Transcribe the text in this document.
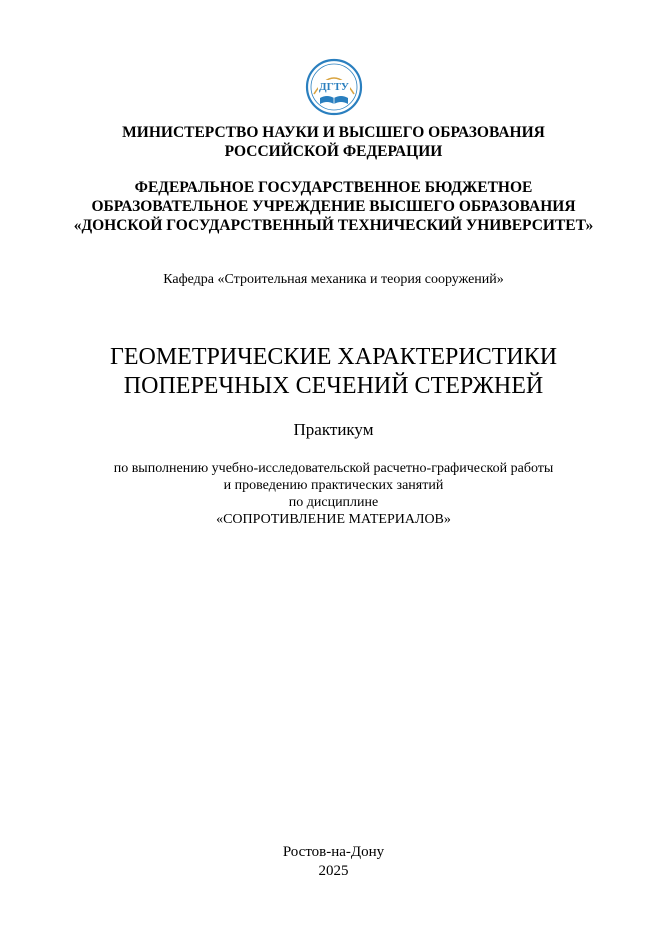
ДГТУ
МИНИСТЕРСТВО НАУКИ И ВЫСШЕГО ОБРАЗОВАНИЯ
РОССИЙСКОЙ ФЕДЕРАЦИИ
ФЕДЕРАЛЬНОЕ ГОСУДАРСТВЕННОЕ БЮДЖЕТНОЕ
ОБРАЗОВАТЕЛЬНОЕ УЧРЕЖДЕНИЕ ВЫСШЕГО ОБРАЗОВАНИЯ
«ДОНСКОЙ ГОСУДАРСТВЕННЫЙ ТЕХНИЧЕСКИЙ УНИВЕРСИТЕТ»
Кафедра «Строительная механика и теория сооружений»
ГЕОМЕТРИЧЕСКИЕ ХАРАКТЕРИСТИКИ
ПОПЕРЕЧНЫХ СЕЧЕНИЙ СТЕРЖНЕЙ
Практикум
по выполнению учебно-исследовательской расчетно-графической работы
и проведению практических занятий
по дисциплине
«СОПРОТИВЛЕНИЕ МАТЕРИАЛОВ»
Ростов-на-Дону
2025
